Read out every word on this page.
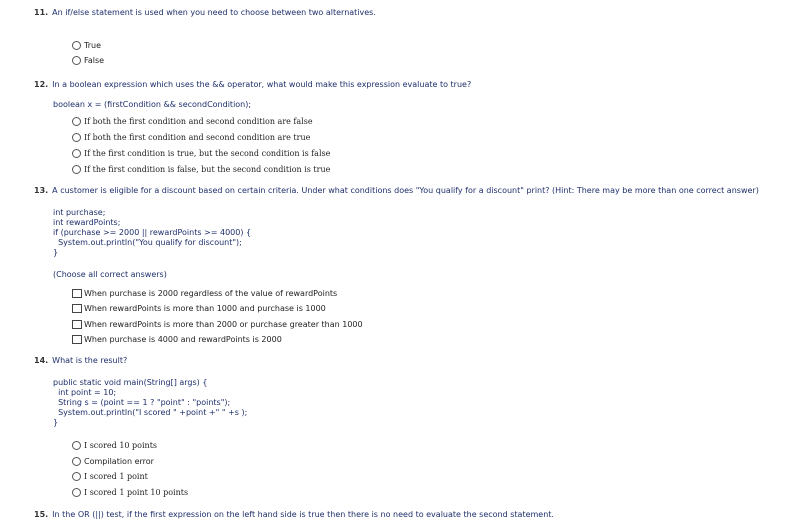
11. An if/else statement is used when you need to choose between two alternatives.
True
False
12. In a boolean expression which uses the && operator, what would make this expression evaluate to true?
boolean x = (firstCondition && secondCondition);
If both the first condition and second condition are false
If both the first condition and second condition are true
If the first condition is true, but the second condition is false
If the first condition is false, but the second condition is true
13. A customer is eligible for a discount based on certain criteria. Under what conditions does "You qualify for a discount" print? (Hint: There may be more than one correct answer)
int purchase;
int rewardPoints;
if (purchase >= 2000 || rewardPoints >= 4000) {
System.out.println("You qualify for discount");
}
(Choose all correct answers)
When purchase is 2000 regardless of the value of rewardPoints
When rewardPoints is more than 1000 and purchase is 1000
When rewardPoints is more than 2000 or purchase greater than 1000
When purchase is 4000 and rewardPoints is 2000
14. What is the result?
public static void main(String[] args) {
int point = 10;
String s = (point == 1 ? "point" : "points");
System.out.println("I scored " +point +" " +s );
}
I scored 10 points
Compilation error
I scored 1 point
I scored 1 point 10 points
15. In the OR (||) test, if the first expression on the left hand side is true then there is no need to evaluate the second statement.
